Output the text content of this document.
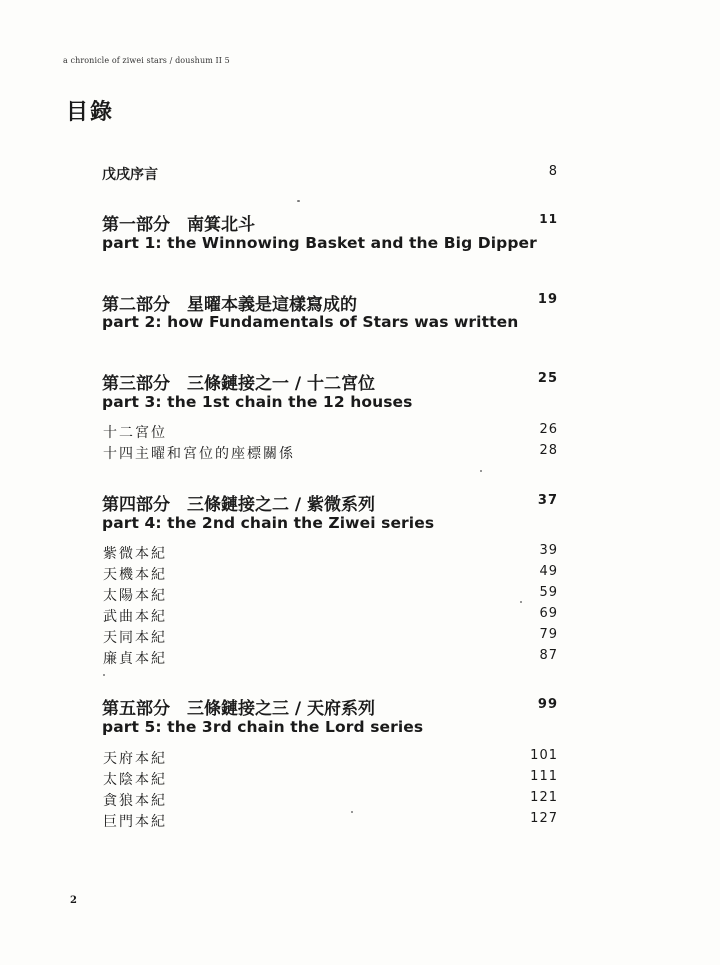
a chronicle of ziwei stars / doushum II 5
目錄
戊戌序言	8
第一部分　南箕北斗	11
part 1: the Winnowing Basket and the Big Dipper
第二部分　星曜本義是這樣寫成的	19
part 2: how Fundamentals of Stars was written
第三部分　三條鏈接之一 / 十二宮位	25
part 3: the 1st chain the 12 houses
十二宮位	26
十四主曜和宮位的座標關係	28
第四部分　三條鏈接之二 / 紫微系列	37
part 4: the 2nd chain the Ziwei series
紫微本紀	39
天機本紀	49
太陽本紀	59
武曲本紀	69
天同本紀	79
廉貞本紀	87
第五部分　三條鏈接之三 / 天府系列	99
part 5: the 3rd chain the Lord series
天府本紀	101
太陰本紀	111
貪狼本紀	121
巨門本紀	127
2
